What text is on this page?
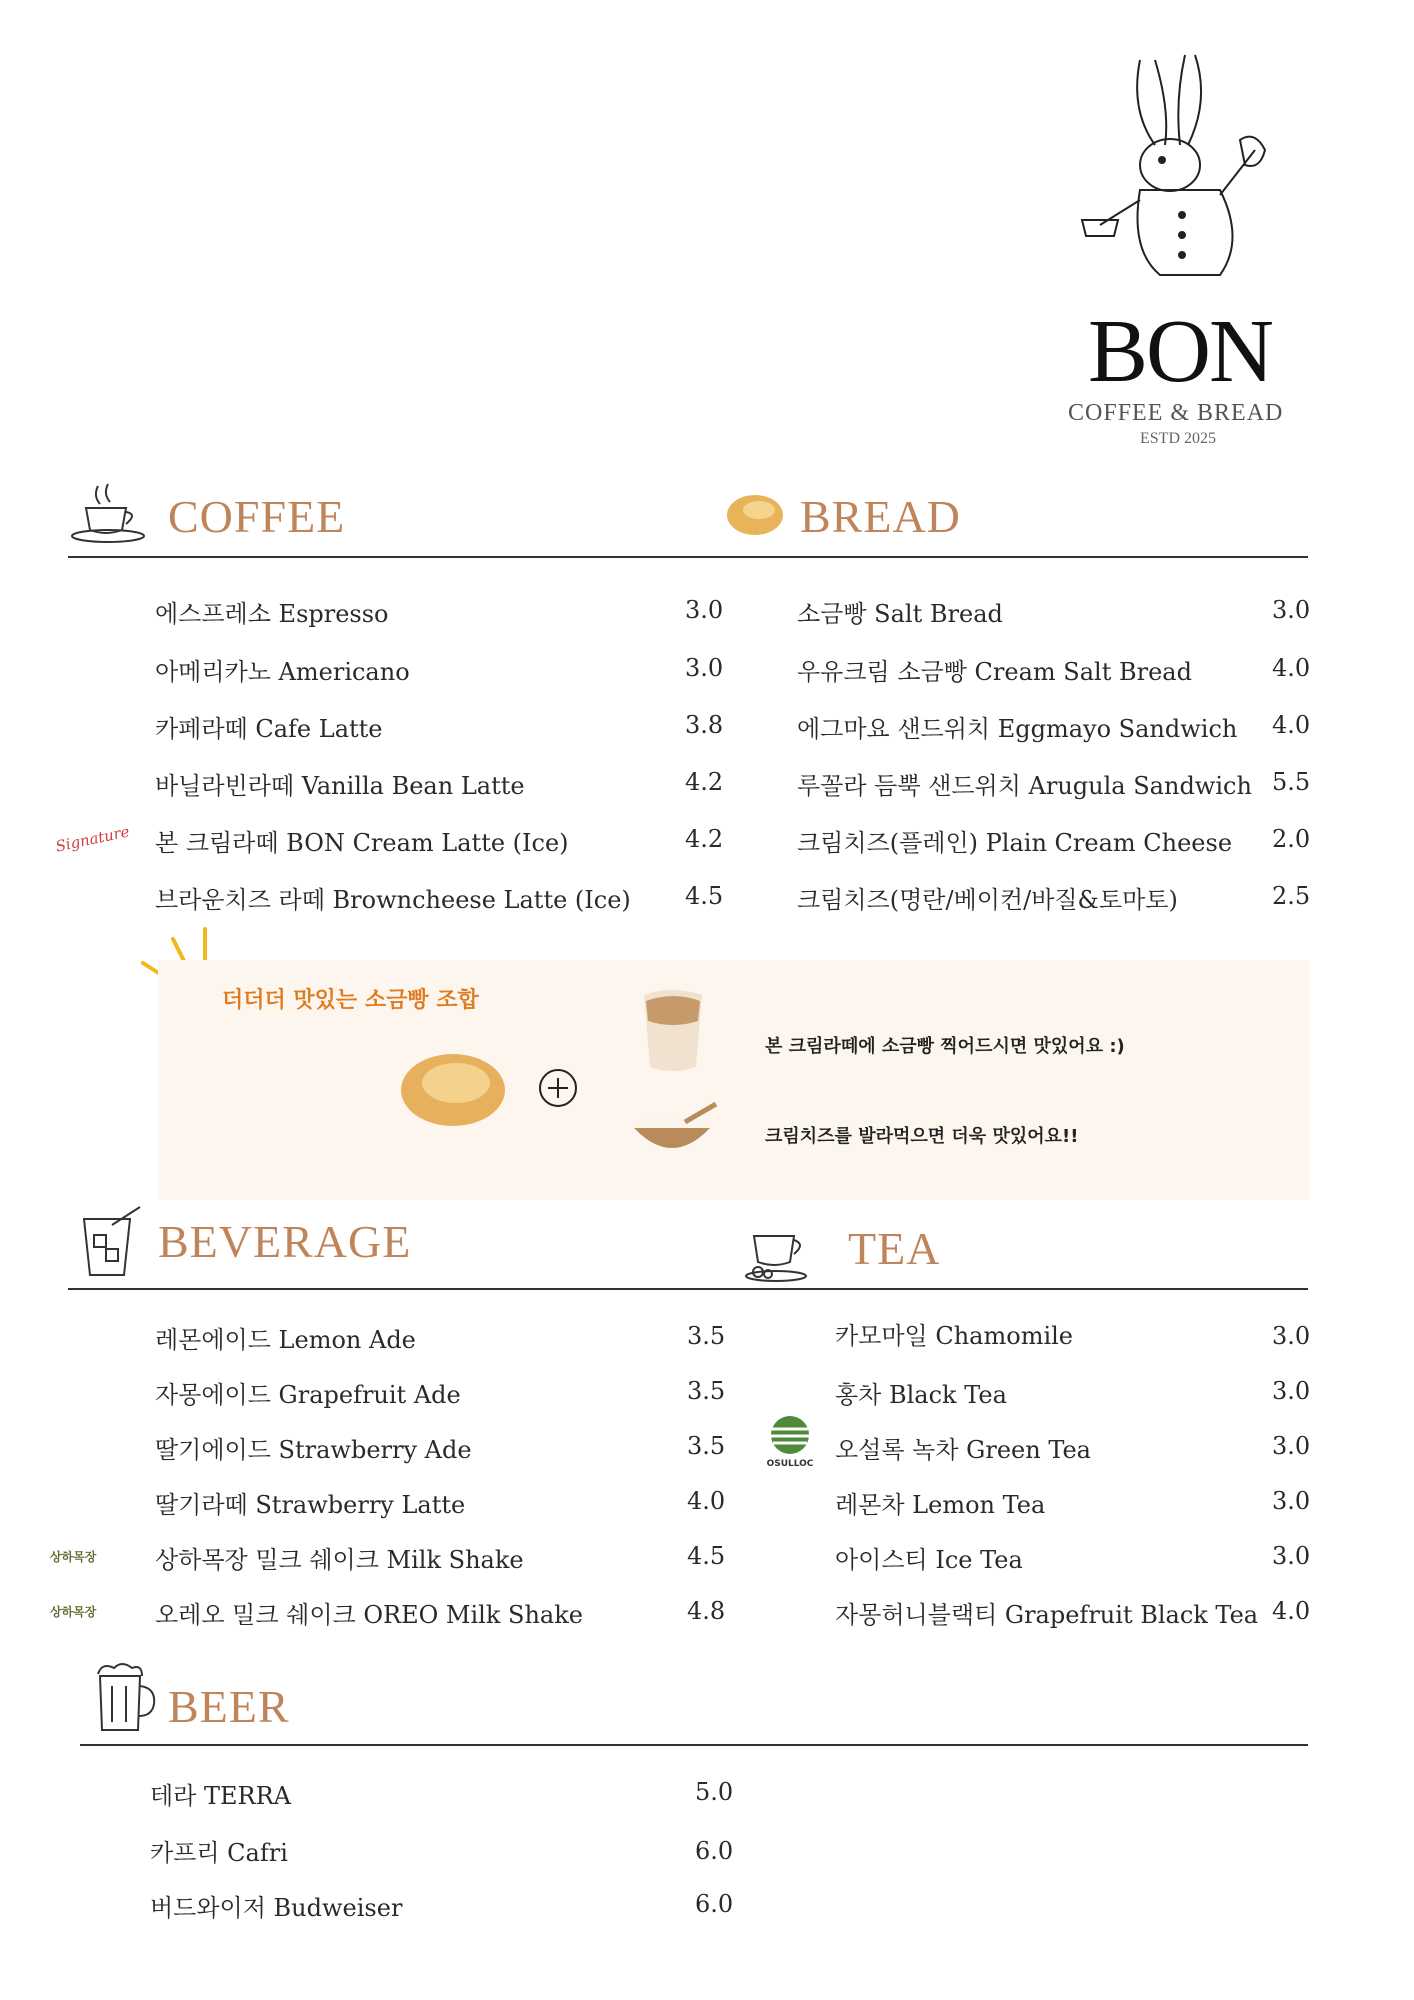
BON
COFFEE & BREAD
ESTD 2025
COFFEE	BREAD
에스프레소 Espresso	3.0
아메리카노 Americano	3.0
카페라떼 Cafe Latte	3.8
바닐라빈라떼 Vanilla Bean Latte	4.2
Signature 본 크림라떼 BON Cream Latte (Ice)	4.2
브라운치즈 라떼 Browncheese Latte (Ice) 4.5
소금빵 Salt Bread	3.0
우유크림 소금빵 Cream Salt Bread	4.0
에그마요 샌드위치 Eggmayo Sandwich 4.0
루꼴라 듬뿍 샌드위치 Arugula Sandwich 5.5
크림치즈(플레인) Plain Cream Cheese 2.0
크림치즈(명란/베이컨/바질&토마토)	2.5
더더더 맛있는 소금빵 조합
본 크림라떼에 소금빵 찍어드시면 맛있어요 :)
크림치즈를 발라먹으면 더욱 맛있어요!!
BEVERAGE	TEA
레몬에이드 Lemon Ade	3.5
자몽에이드 Grapefruit Ade	3.5
딸기에이드 Strawberry Ade	3.5
딸기라떼 Strawberry Latte	4.0
상하목장 상하목장 밀크 쉐이크 Milk Shake	4.5
상하목장 오레오 밀크 쉐이크 OREO Milk Shake	4.8
카모마일 Chamomile	3.0
홍차 Black Tea	3.0
OSULLOC 오설록 녹차 Green Tea	3.0
레몬차 Lemon Tea	3.0
아이스티 Ice Tea	3.0
자몽허니블랙티 Grapefruit Black Tea 4.0
BEER
테라 TERRA	5.0
카프리 Cafri	6.0
버드와이저 Budweiser	6.0
